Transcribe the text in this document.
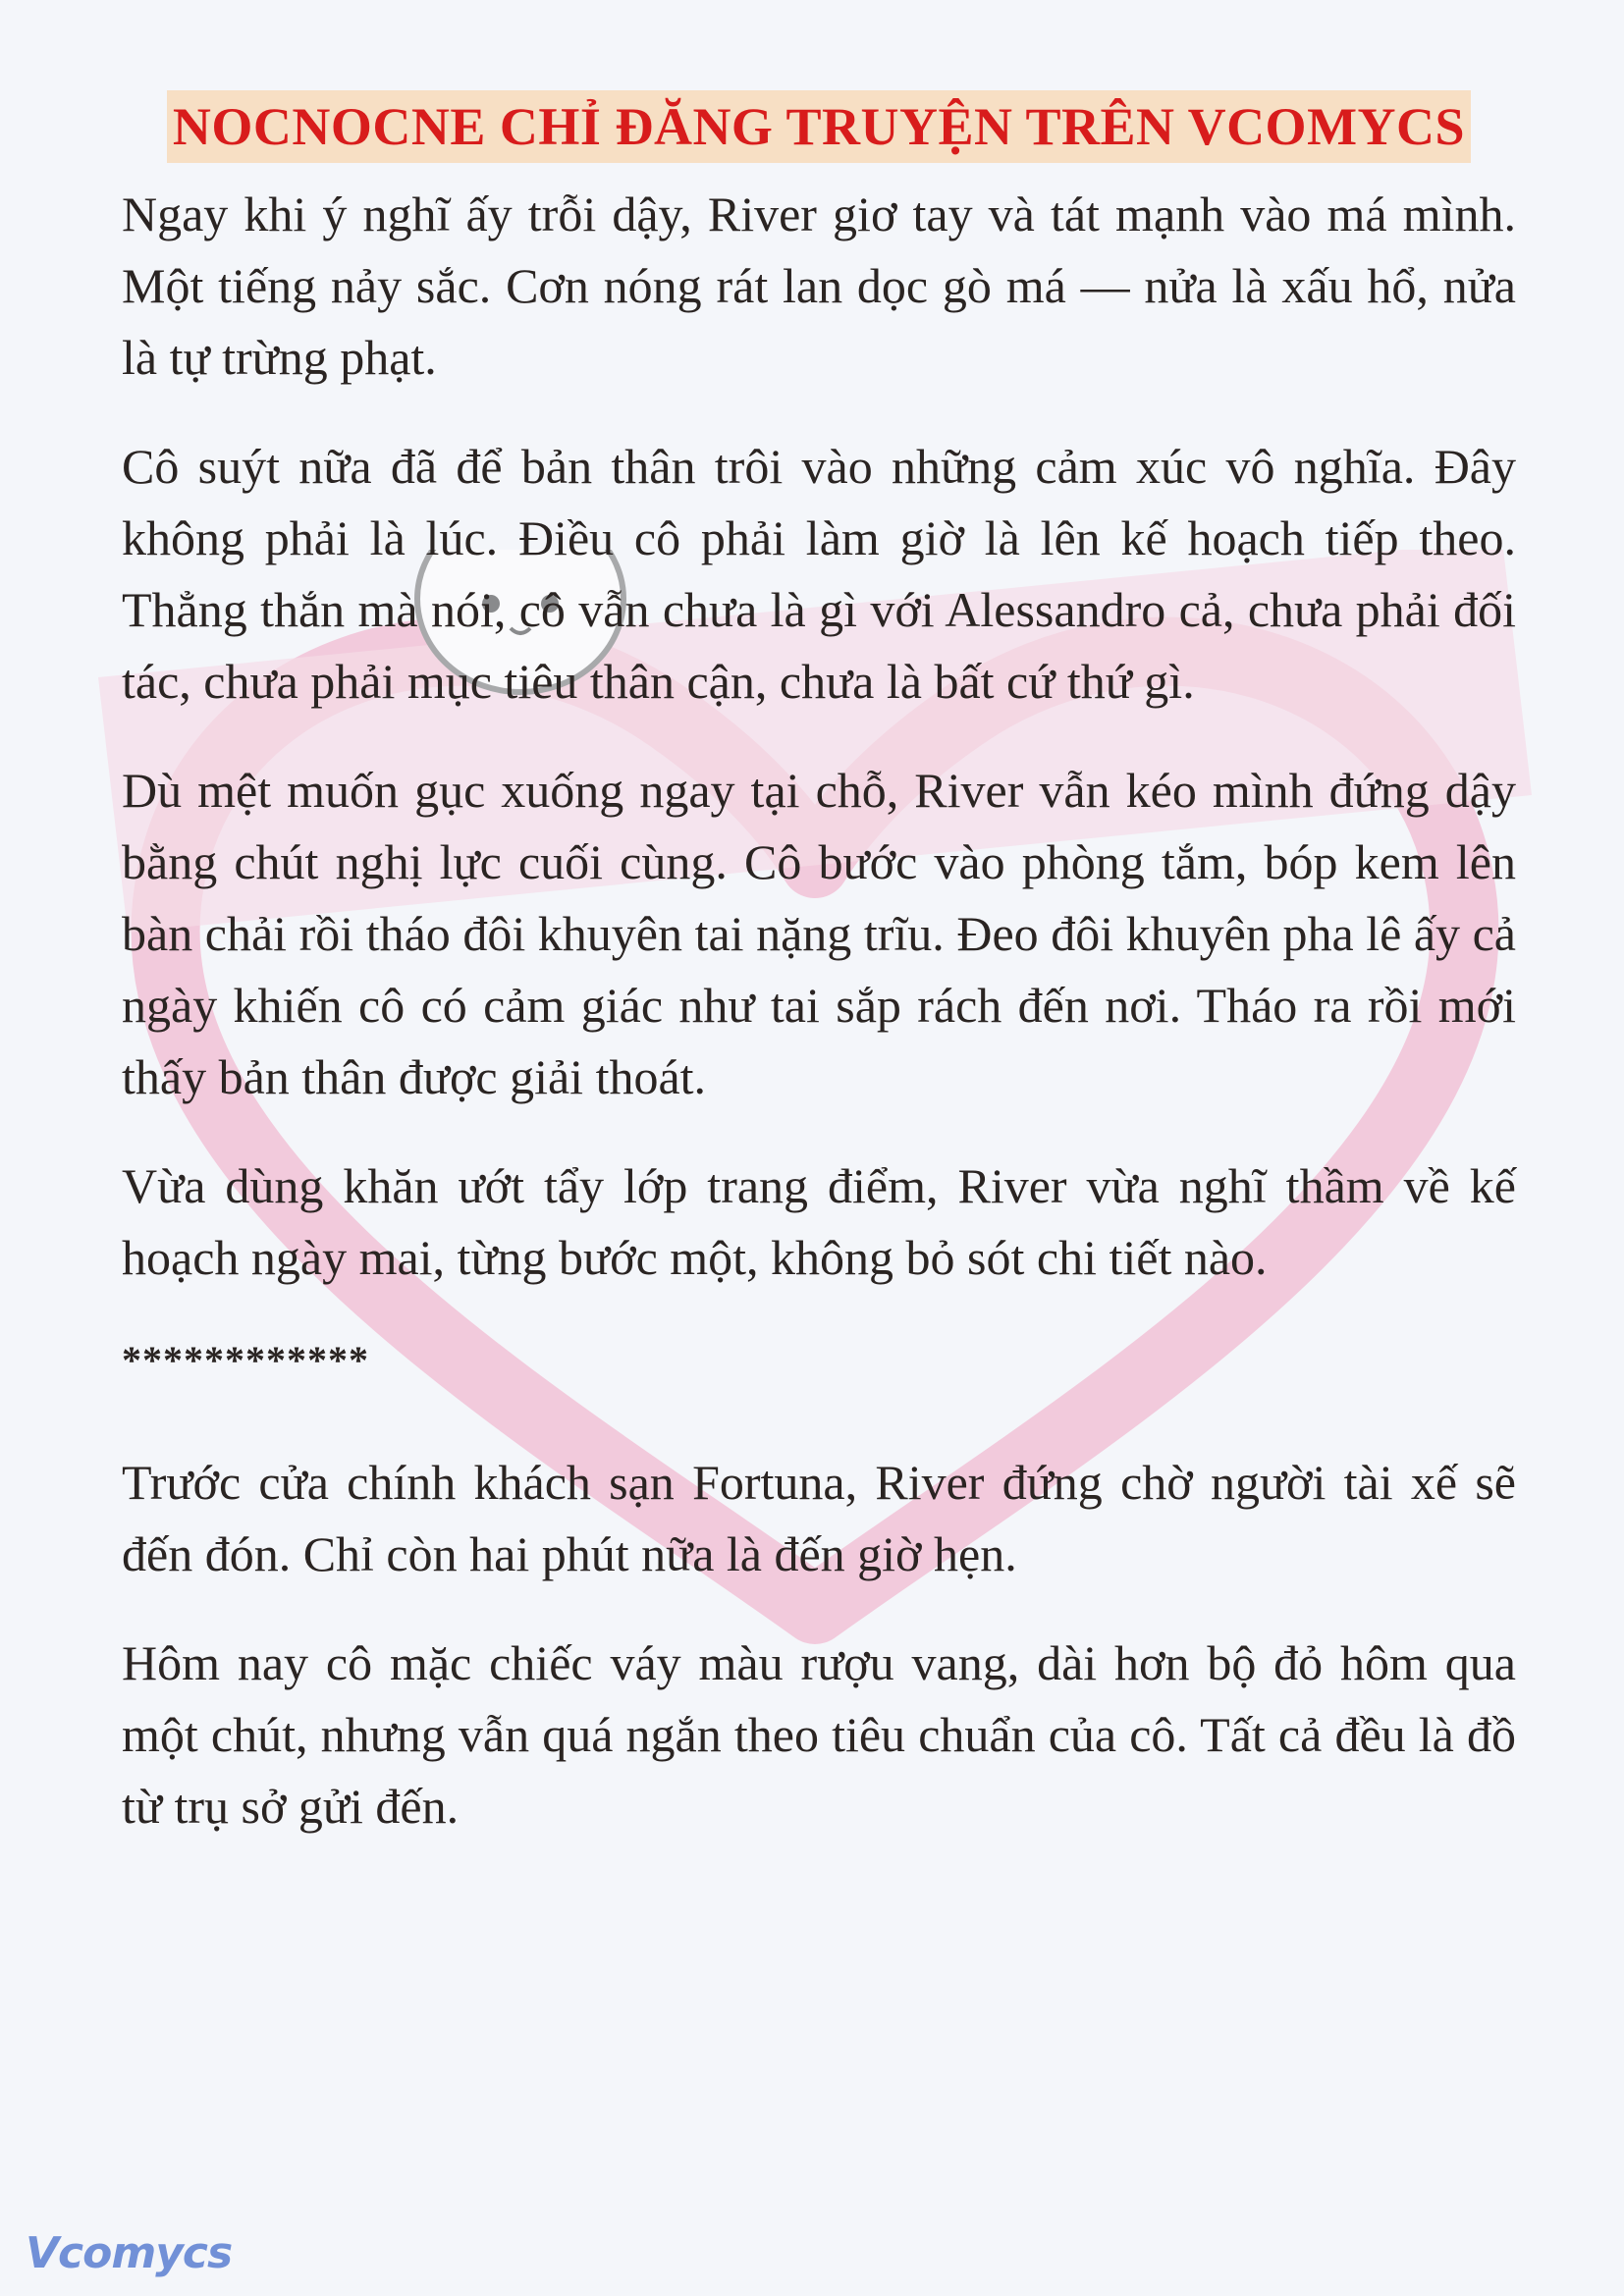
NOCNOCNE CHỈ ĐĂNG TRUYỆN TRÊN VCOMYCS

Ngay khi ý nghĩ ấy trỗi dậy, River giơ tay và tát mạnh vào má mình. Một tiếng nảy sắc. Cơn nóng rát lan dọc gò má — nửa là xấu hổ, nửa là tự trừng phạt.

Cô suýt nữa đã để bản thân trôi vào những cảm xúc vô nghĩa. Đây không phải là lúc. Điều cô phải làm giờ là lên kế hoạch tiếp theo. Thẳng thắn mà nói, cô vẫn chưa là gì với Alessandro cả, chưa phải đối tác, chưa phải mục tiêu thân cận, chưa là bất cứ thứ gì.

Dù mệt muốn gục xuống ngay tại chỗ, River vẫn kéo mình đứng dậy bằng chút nghị lực cuối cùng. Cô bước vào phòng tắm, bóp kem lên bàn chải rồi tháo đôi khuyên tai nặng trĩu. Đeo đôi khuyên pha lê ấy cả ngày khiến cô có cảm giác như tai sắp rách đến nơi. Tháo ra rồi mới thấy bản thân được giải thoát.

Vừa dùng khăn ướt tẩy lớp trang điểm, River vừa nghĩ thầm về kế hoạch ngày mai, từng bước một, không bỏ sót chi tiết nào.

************

Trước cửa chính khách sạn Fortuna, River đứng chờ người tài xế sẽ đến đón. Chỉ còn hai phút nữa là đến giờ hẹn.

Hôm nay cô mặc chiếc váy màu rượu vang, dài hơn bộ đỏ hôm qua một chút, nhưng vẫn quá ngắn theo tiêu chuẩn của cô. Tất cả đều là đồ từ trụ sở gửi đến.

Vcomycs
